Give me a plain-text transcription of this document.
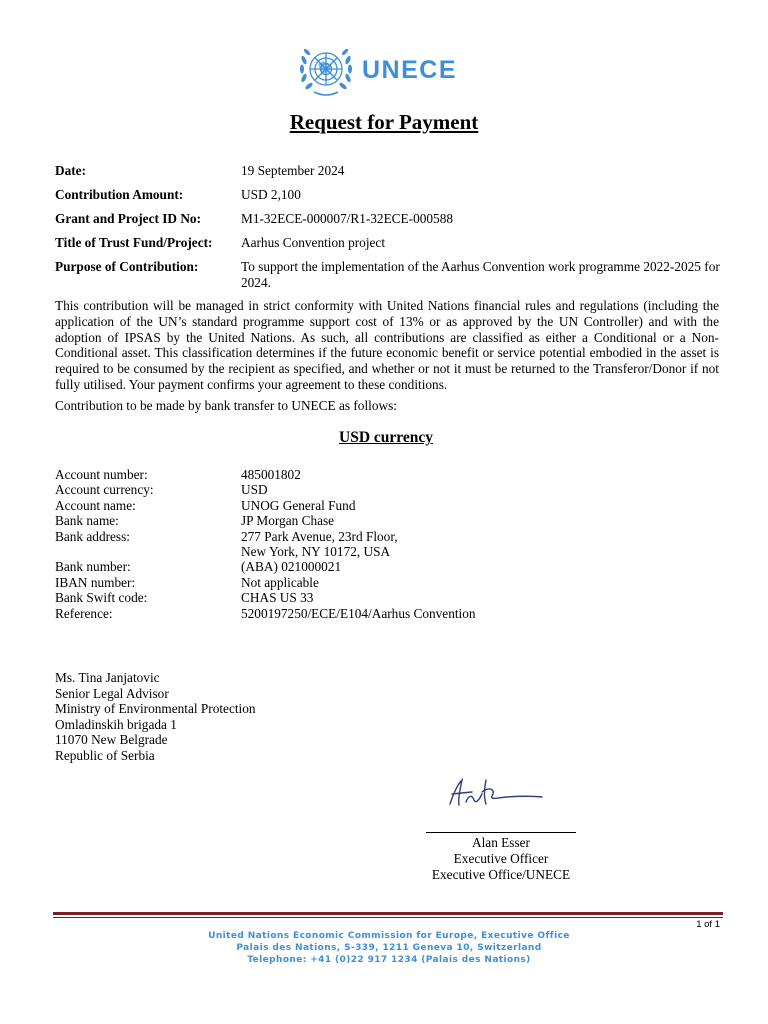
UNECE
Request for Payment
Date:	19 September 2024
Contribution Amount:	USD 2,100
Grant and Project ID No:	M1-32ECE-000007/R1-32ECE-000588
Title of Trust Fund/Project:	Aarhus Convention project
Purpose of Contribution:	To support the implementation of the Aarhus Convention work programme 2022-2025 for 2024.
This contribution will be managed in strict conformity with United Nations financial rules and regulations (including the application of the UN’s standard programme support cost of 13% or as approved by the UN Controller) and with the adoption of IPSAS by the United Nations. As such, all contributions are classified as either a Conditional or a Non-Conditional asset. This classification determines if the future economic benefit or service potential embodied in the asset is required to be consumed by the recipient as specified, and whether or not it must be returned to the Transferor/Donor if not fully utilised. Your payment confirms your agreement to these conditions.
Contribution to be made by bank transfer to UNECE as follows:
USD currency
Account number:	485001802
Account currency:	USD
Account name:	UNOG General Fund
Bank name:	JP Morgan Chase
Bank address:	277 Park Avenue, 23rd Floor,
New York, NY 10172, USA
Bank number:	(ABA) 021000021
IBAN number:	Not applicable
Bank Swift code:	CHAS US 33
Reference:	5200197250/ECE/E104/Aarhus Convention
Ms. Tina Janjatovic
Senior Legal Advisor
Ministry of Environmental Protection
Omladinskih brigada 1
11070 New Belgrade
Republic of Serbia
Alan Esser
Executive Officer
Executive Office/UNECE
1 of 1
United Nations Economic Commission for Europe, Executive Office
Palais des Nations, S-339, 1211 Geneva 10, Switzerland
Telephone: +41 (0)22 917 1234 (Palais des Nations)
